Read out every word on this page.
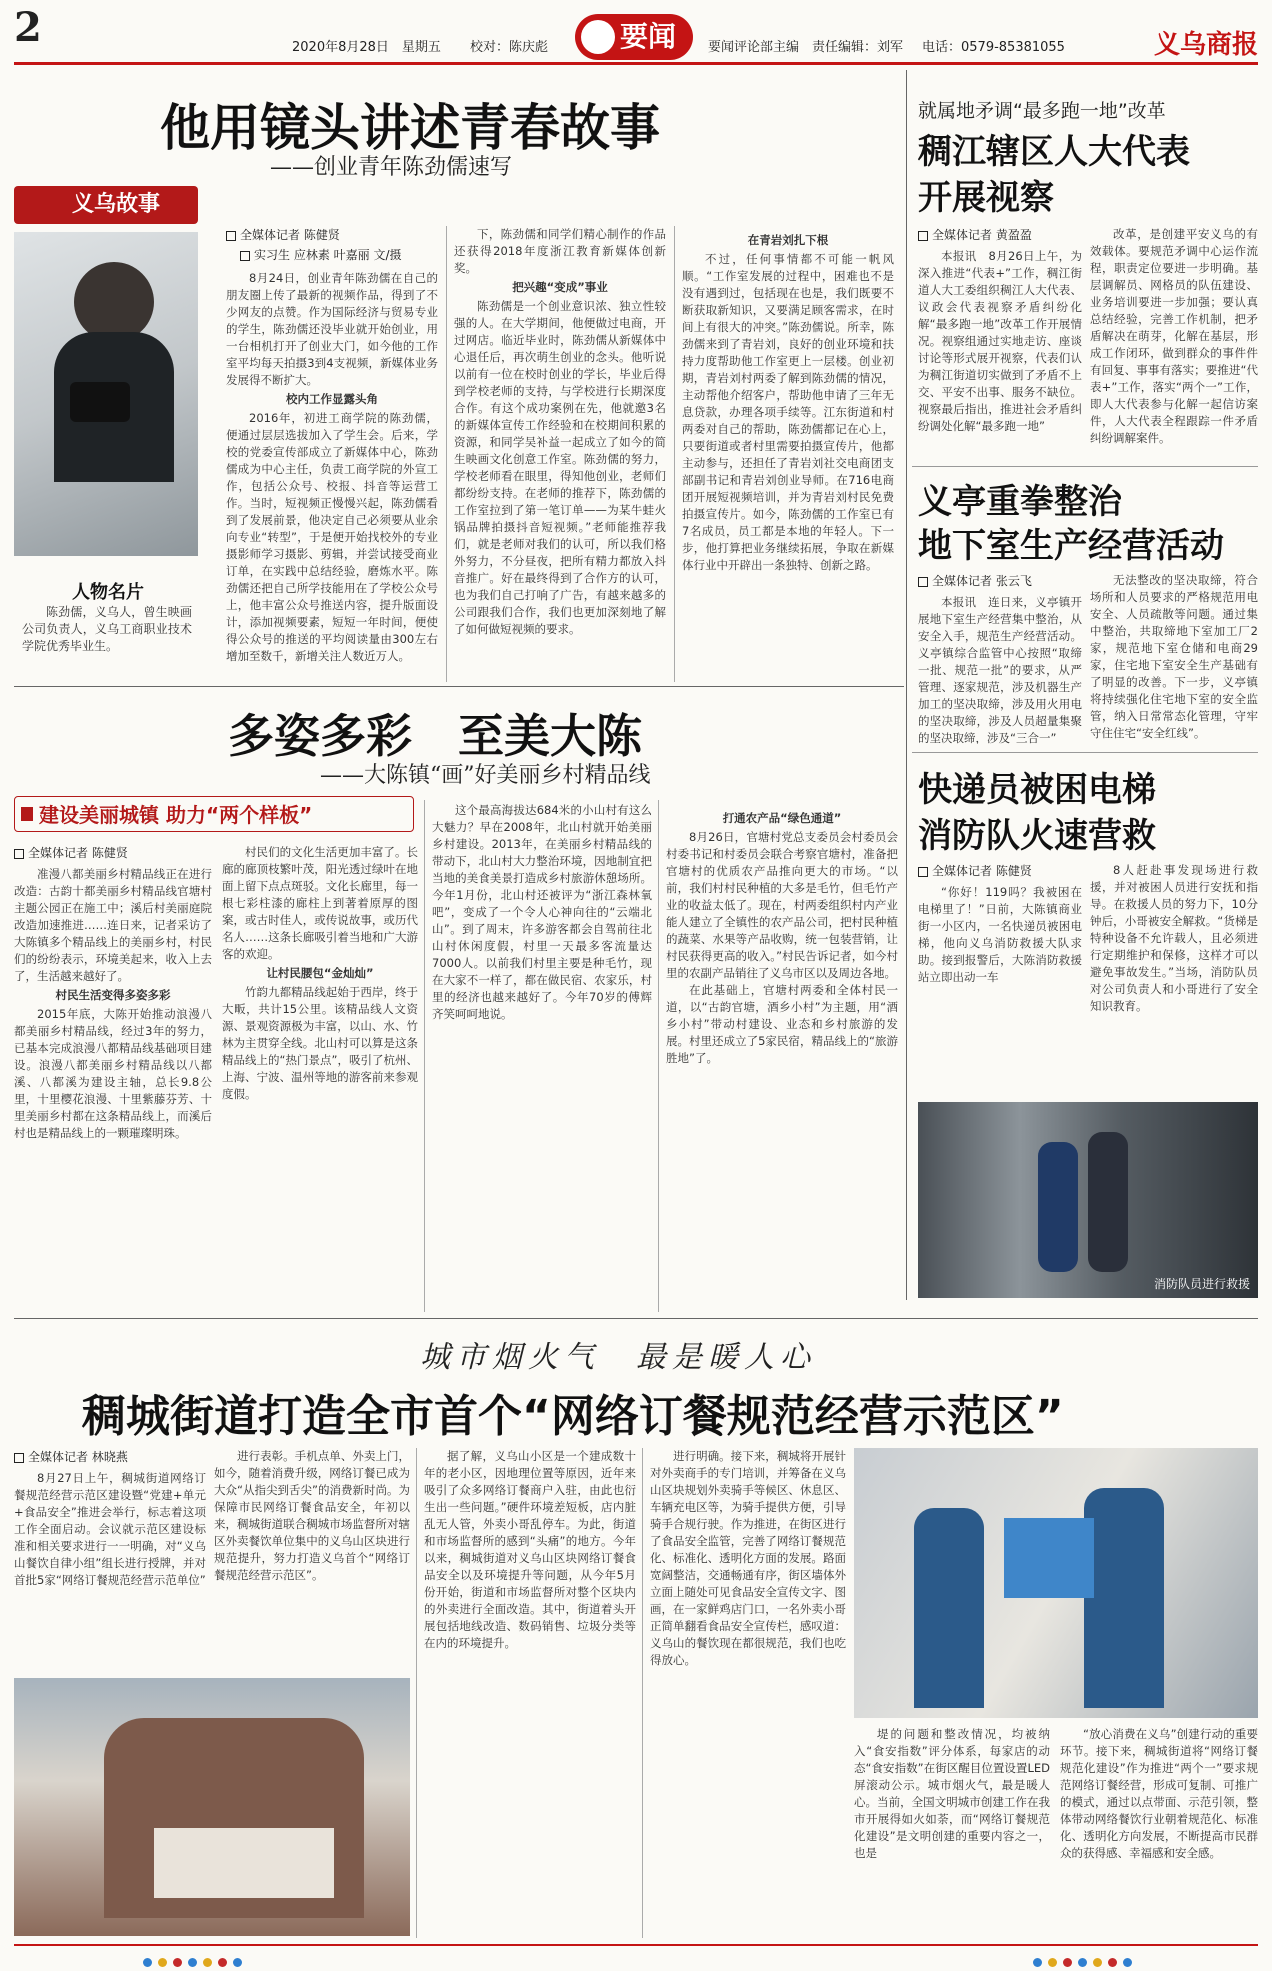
2	2020年8月28日　星期五 校对：陈庆彪	要闻	要闻评论部主编 责任编辑：刘军 电话：0579-85381055	义乌商报
他用镜头讲述青春故事
——创业青年陈劲儒速写
义乌故事
人物名片

陈劲儒，义乌人，曾生映画公司负责人，义乌工商职业技术学院优秀毕业生。

全媒体记者 陈健贤
实习生 应林素 叶嘉丽 文/摄

8月24日，创业青年陈劲儒在自己的朋友圈上传了最新的视频作品，得到了不少网友的点赞。作为国际经济与贸易专业的学生，陈劲儒还没毕业就开始创业，用一台相机打开了创业大门，如今他的工作室平均每天拍摄3到4支视频，新媒体业务发展得不断扩大。

校内工作显露头角

2016年，初进工商学院的陈劲儒，便通过层层选拔加入了学生会。后来，学校的党委宣传部成立了新媒体中心，陈劲儒成为中心主任，负责工商学院的外宣工作，包括公众号、校报、抖音等运营工作。当时，短视频正慢慢兴起，陈劲儒看到了发展前景，他决定自己必须要从业余向专业“转型”，于是便开始找校外的专业摄影师学习摄影、剪辑，并尝试接受商业订单，在实践中总结经验，磨炼水平。陈劲儒还把自己所学技能用在了学校公众号上，他丰富公众号推送内容，提升版面设计，添加视频要素，短短一年时间，便使得公众号的推送的平均阅读量由300左右增加至数千，新增关注人数近万人。

下，陈劲儒和同学们精心制作的作品还获得2018年度浙江教育新媒体创新奖。

把兴趣“变成”事业

陈劲儒是一个创业意识浓、独立性较强的人。在大学期间，他便做过电商，开过网店。临近毕业时，陈劲儒从新媒体中心退任后，再次萌生创业的念头。他听说以前有一位在校时创业的学长，毕业后得到学校老师的支持，与学校进行长期深度合作。有这个成功案例在先，他就邀3名的新媒体宣传工作经验和在校期间积累的资源，和同学吴补益一起成立了如今的简生映画文化创意工作室。陈劲儒的努力，学校老师看在眼里，得知他创业，老师们都纷纷支持。在老师的推荐下，陈劲儒的工作室拉到了第一笔订单——为某牛蛙火锅品牌拍摄抖音短视频。”老师能推荐我们，就是老师对我们的认可，所以我们格外努力，不分昼夜，把所有精力都放入抖音推广。好在最终得到了合作方的认可，也为我们自己打响了广告，有越来越多的公司跟我们合作，我们也更加深刻地了解了如何做短视频的要求。

在青岩刘扎下根

不过，任何事情都不可能一帆风顺。“工作室发展的过程中，困难也不是没有遇到过，包括现在也是，我们既要不断获取新知识，又要满足顾客需求，在时间上有很大的冲突。”陈劲儒说。所幸，陈劲儒来到了青岩刘，良好的创业环境和扶持力度帮助他工作室更上一层楼。创业初期，青岩刘村两委了解到陈劲儒的情况，主动帮他介绍客户，帮助他申请了三年无息贷款，办理各项手续等。江东街道和村两委对自己的帮助，陈劲儒都记在心上，只要街道或者村里需要拍摄宣传片，他都主动参与，还担任了青岩刘社交电商团支部副书记和青岩刘创业导师。在716电商团开展短视频培训，并为青岩刘村民免费拍摄宣传片。如今，陈劲儒的工作室已有7名成员，员工都是本地的年轻人。下一步，他打算把业务继续拓展，争取在新媒体行业中开辟出一条独特、创新之路。

就属地矛调“最多跑一地”改革
稠江辖区人大代表
开展视察
全媒体记者 黄盈盈

本报讯　8月26日上午，为深入推进“代表+”工作，稠江街道人大工委组织稠江人大代表、议政会代表视察矛盾纠纷化解“最多跑一地”改革工作开展情况。视察组通过实地走访、座谈讨论等形式展开视察，代表们认为稠江街道切实做到了矛盾不上交、平安不出事、服务不缺位。视察最后指出，推进社会矛盾纠纷调处化解“最多跑一地”

改革，是创建平安义乌的有效载体。要规范矛调中心运作流程，职责定位要进一步明确。基层调解员、网格员的队伍建设、业务培训要进一步加强；要认真总结经验，完善工作机制，把矛盾解决在萌芽，化解在基层，形成工作闭环，做到群众的事件件有回复、事事有落实；要推进“代表+”工作，落实“两个一”工作，即人大代表参与化解一起信访案件，人大代表全程跟踪一件矛盾纠纷调解案件。

义亭重拳整治
地下室生产经营活动
全媒体记者 张云飞

本报讯　连日来，义亭镇开展地下室生产经营集中整治，从安全入手，规范生产经营活动。义亭镇综合监管中心按照“取缔一批、规范一批”的要求，从严管理、逐家规范，涉及机器生产加工的坚决取缔，涉及用火用电的坚决取缔，涉及人员超量集聚的坚决取缔，涉及“三合一”

无法整改的坚决取缔，符合场所和人员要求的严格规范用电安全、人员疏散等问题。通过集中整治，共取缔地下室加工厂2家，规范地下室仓储和电商29家，住宅地下室安全生产基础有了明显的改善。下一步，义亭镇将持续强化住宅地下室的安全监管，纳入日常常态化管理，守牢守住住宅“安全红线”。

快递员被困电梯
消防队火速营救
全媒体记者 陈健贤

“你好！119吗？我被困在电梯里了！”日前，大陈镇商业街一小区内，一名快递员被困电梯，他向义乌消防救援大队求助。接到报警后，大陈消防救援站立即出动一车

8人赶赴事发现场进行救援，并对被困人员进行安抚和指导。在救援人员的努力下，10分钟后，小哥被安全解救。“货梯是特种设备不允许载人，且必须进行定期维护和保修，这样才可以避免事故发生。”当场，消防队员对公司负责人和小哥进行了安全知识教育。

消防队员进行救援
多姿多彩　至美大陈
——大陈镇“画”好美丽乡村精品线
建设美丽城镇 助力“两个样板”
全媒体记者 陈健贤

准漫八都美丽乡村精品线正在进行改造：古韵十都美丽乡村精品线官塘村主题公园正在施工中；溪后村美丽庭院改造加速推进……连日来，记者采访了大陈镇多个精品线上的美丽乡村，村民们的纷纷表示，环境美起来，收入上去了，生活越来越好了。

村民生活变得多姿多彩

2015年底，大陈开始推动浪漫八都美丽乡村精品线，经过3年的努力，已基本完成浪漫八都精品线基础项目建设。浪漫八都美丽乡村精品线以八都溪、八都溪为建设主轴，总长9.8公里，十里樱花浪漫、十里紫藤芬芳、十里美丽乡村都在这条精品线上，而溪后村也是精品线上的一颗璀璨明珠。

村民们的文化生活更加丰富了。长廊的廊顶枝繁叶茂，阳光透过绿叶在地面上留下点点斑驳。文化长廊里，每一根七彩柱漆的廊柱上到著着原厚的图案，或古时佳人，或传说故事，或历代名人……这条长廊吸引着当地和广大游客的欢迎。

让村民腰包“金灿灿”

竹韵九都精品线起始于西岸，终于大畈，共计15公里。该精品线人文资源、景观资源极为丰富，以山、水、竹林为主贯穿全线。北山村可以算是这条精品线上的“热门景点”，吸引了杭州、上海、宁波、温州等地的游客前来参观度假。

这个最高海拔达684米的小山村有这么大魅力？早在2008年，北山村就开始美丽乡村建设。2013年，在美丽乡村精品线的带动下，北山村大力整治环境，因地制宜把当地的美食美景打造成乡村旅游休憩场所。今年1月份，北山村还被评为“浙江森林氧吧”，变成了一个令人心神向往的“云端北山”。到了周末，许多游客都会自驾前往北山村休闲度假，村里一天最多客流量达7000人。以前我们村里主要是种毛竹，现在大家不一样了，都在做民宿、农家乐，村里的经济也越来越好了。今年70岁的傅辉齐笑呵呵地说。

打通农产品“绿色通道”

8月26日，官塘村党总支委员会村委员会村委书记和村委员会联合考察官塘村，准备把官塘村的优质农产品推向更大的市场。“以前，我们村村民种植的大多是毛竹，但毛竹产业的收益太低了。现在，村两委组织村内产业能人建立了全镇性的农产品公司，把村民种植的蔬菜、水果等产品收购，统一包装营销，让村民获得更高的收入。”村民告诉记者，如今村里的农副产品销往了义乌市区以及周边各地。

在此基础上，官塘村两委和全体村民一道，以“古韵官塘，酒乡小村”为主题，用“酒乡小村”带动村建设、业态和乡村旅游的发展。村里还成立了5家民宿，精品线上的“旅游胜地”了。

城市烟火气　最是暖人心
稠城街道打造全市首个“网络订餐规范经营示范区”
全媒体记者 林晓燕

8月27日上午，稠城街道网络订餐规范经营示范区建设暨“党建+单元+食品安全”推进会举行，标志着这项工作全面启动。会议就示范区建设标准和相关要求进行一一明确，对“义乌山餐饮自律小组”组长进行授牌，并对首批5家“网络订餐规范经营示范单位”

进行表彰。手机点单、外卖上门，如今，随着消费升级，网络订餐已成为大众“从指尖到舌尖”的消费新时尚。为保障市民网络订餐食品安全，年初以来，稠城街道联合稠城市场监督所对辖区外卖餐饮单位集中的义乌山区块进行规范提升，努力打造义乌首个“网络订餐规范经营示范区”。

据了解，义乌山小区是一个建成数十年的老小区，因地理位置等原因，近年来吸引了众多网络订餐商户入驻，由此也衍生出一些问题。”硬件环境差短板，店内脏乱无人管，外卖小哥乱停车。为此，街道和市场监督所的感到“头痛”的地方。今年以来，稠城街道对义乌山区块网络订餐食品安全以及环境提升等问题，从今年5月份开始，街道和市场监督所对整个区块内的外卖进行全面改造。其中，街道着头开展包括地线改造、数码销售、垃圾分类等在内的环境提升。

进行明确。接下来，稠城将开展针对外卖商手的专门培训，并筹备在义乌山区块规划外卖骑手等候区、休息区、车辆充电区等，为骑手提供方便，引导骑手合规行驶。作为推进，在街区进行了食品安全监管，完善了网络订餐规范化、标准化、透明化方面的发展。路面宽阔整洁，交通畅通有序，街区墙体外立面上随处可见食品安全宣传文字、图画，在一家鲜鸡店门口，一名外卖小哥正简单翻看食品安全宣传栏，感叹道：义乌山的餐饮现在都很规范，我们也吃得放心。

堤的问题和整改情况，均被纳入“食安指数”评分体系，每家店的动态“食安指数”在街区醒目位置设置LED屏滚动公示。城市烟火气，最是暖人心。当前，全国文明城市创建工作在我市开展得如火如荼，而“网络订餐规范化建设”是文明创建的重要内容之一，也是

“放心消费在义乌”创建行动的重要环节。接下来，稠城街道将“网络订餐规范化建设”作为推进“两个一”要求规范网络订餐经营，形成可复制、可推广的模式，通过以点带面、示范引领，整体带动网络餐饮行业朝着规范化、标准化、透明化方向发展，不断提高市民群众的获得感、幸福感和安全感。
